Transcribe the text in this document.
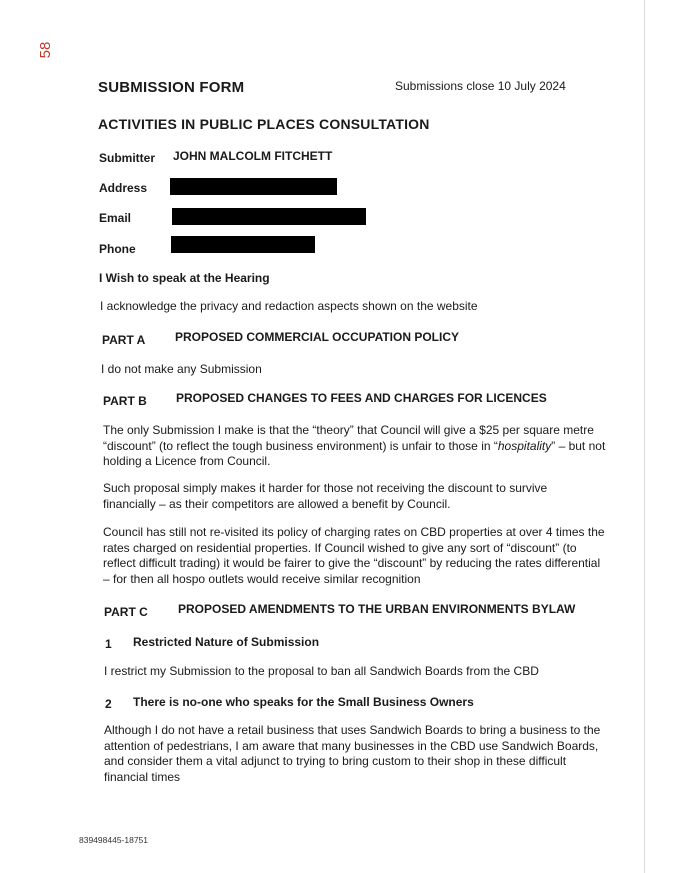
58
SUBMISSION FORM	Submissions close 10 July 2024
ACTIVITIES IN PUBLIC PLACES CONSULTATION
Submitter JOHN MALCOLM FITCHETT
Address
Email
Phone
I Wish to speak at the Hearing
I acknowledge the privacy and redaction aspects shown on the website
PART A PROPOSED COMMERCIAL OCCUPATION POLICY
I do not make any Submission
PART B PROPOSED CHANGES TO FEES AND CHARGES FOR LICENCES
The only Submission I make is that the “theory” that Council will give a $25 per square metre “discount” (to reflect the tough business environment) is unfair to those in “hospitality” – but not holding a Licence from Council.
Such proposal simply makes it harder for those not receiving the discount to survive financially – as their competitors are allowed a benefit by Council.
Council has still not re-visited its policy of charging rates on CBD properties at over 4 times the rates charged on residential properties. If Council wished to give any sort of “discount” (to reflect difficult trading) it would be fairer to give the “discount” by reducing the rates differential – for then all hospo outlets would receive similar recognition
PART C	PROPOSED AMENDMENTS TO THE URBAN ENVIRONMENTS BYLAW
1 Restricted Nature of Submission
I restrict my Submission to the proposal to ban all Sandwich Boards from the CBD
2 There is no-one who speaks for the Small Business Owners
Although I do not have a retail business that uses Sandwich Boards to bring a business to the attention of pedestrians, I am aware that many businesses in the CBD use Sandwich Boards, and consider them a vital adjunct to trying to bring custom to their shop in these difficult financial times
839498445-18751
